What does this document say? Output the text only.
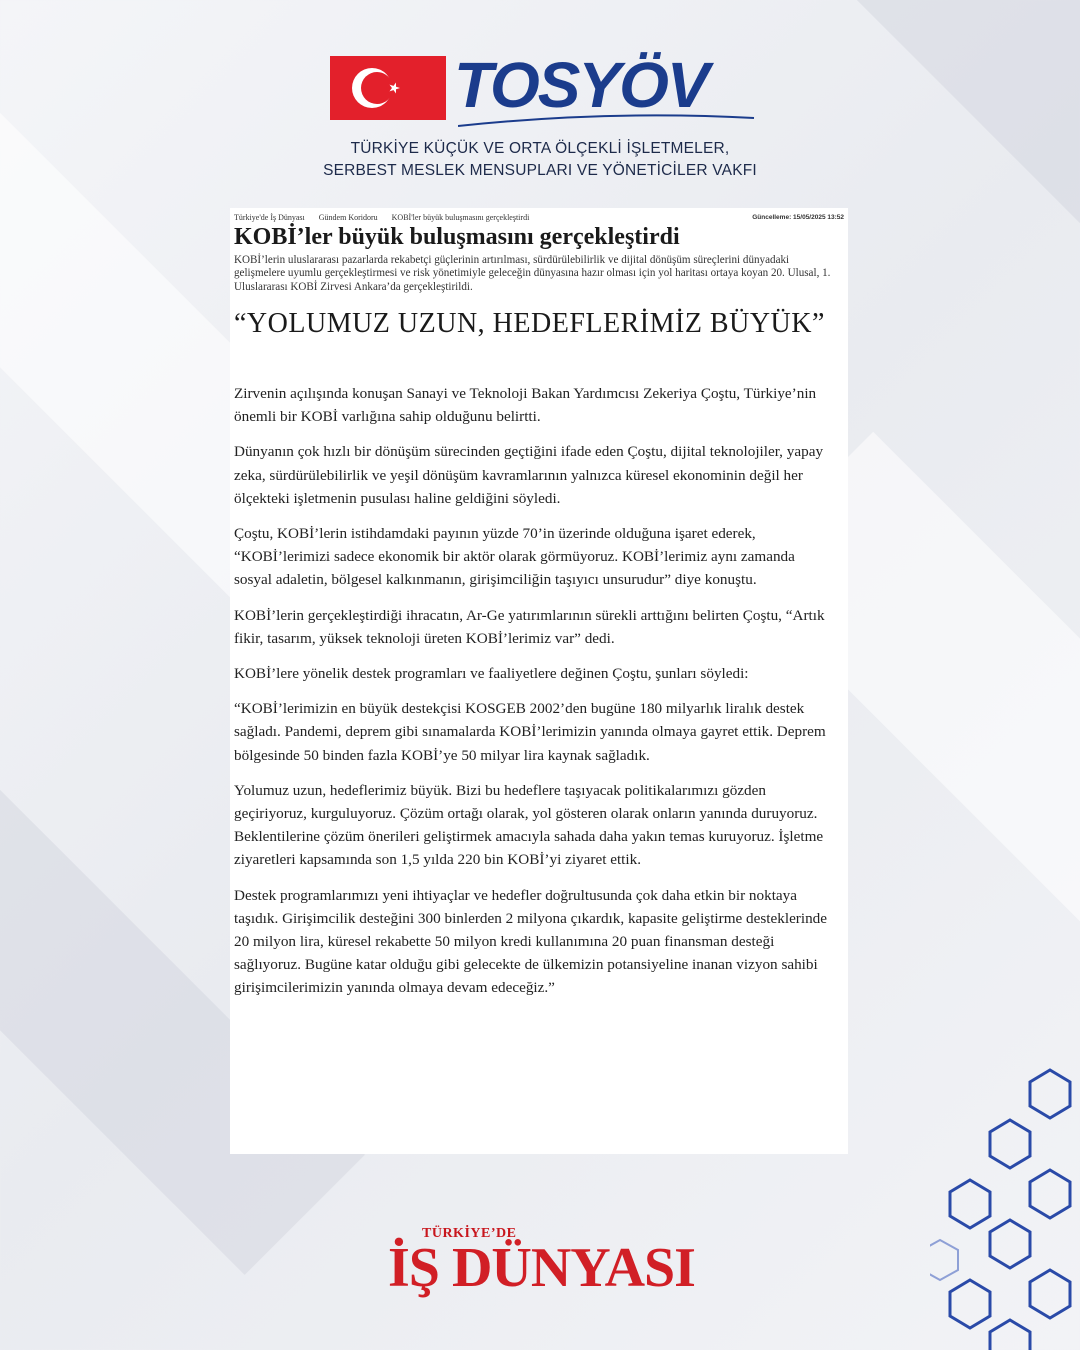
TOSYÖV
TÜRKİYE KÜÇÜK VE ORTA ÖLÇEKLİ İŞLETMELER,
SERBEST MESLEK MENSUPLARI VE YÖNETİCİLER VAKFI
Türkiye'de İş Dünyası Gündem Koridoru KOBİ'ler büyük buluşmasını gerçekleştirdi	Güncelleme: 15/05/2025 13:52
KOBİ’ler büyük buluşmasını gerçekleştirdi

KOBİ’lerin uluslararası pazarlarda rekabetçi güçlerinin artırılması, sürdürülebilirlik ve dijital dönüşüm süreçlerini dünyadaki gelişmelere uyumlu gerçekleştirmesi ve risk yönetimiyle geleceğin dünyasına hazır olması için yol haritası ortaya koyan 20. Ulusal, 1. Uluslararası KOBİ Zirvesi Ankara’da gerçekleştirildi.

“YOLUMUZ UZUN, HEDEFLERİMİZ BÜYÜK”

Zirvenin açılışında konuşan Sanayi ve Teknoloji Bakan Yardımcısı Zekeriya Çoştu, Türkiye’nin önemli bir KOBİ varlığına sahip olduğunu belirtti.

Dünyanın çok hızlı bir dönüşüm sürecinden geçtiğini ifade eden Çoştu, dijital teknolojiler, yapay zeka, sürdürülebilirlik ve yeşil dönüşüm kavramlarının yalnızca küresel ekonominin değil her ölçekteki işletmenin pusulası haline geldiğini söyledi.

Çoştu, KOBİ’lerin istihdamdaki payının yüzde 70’in üzerinde olduğuna işaret ederek, “KOBİ’lerimizi sadece ekonomik bir aktör olarak görmüyoruz. KOBİ’lerimiz aynı zamanda sosyal adaletin, bölgesel kalkınmanın, girişimciliğin taşıyıcı unsurudur” diye konuştu.

KOBİ’lerin gerçekleştirdiği ihracatın, Ar-Ge yatırımlarının sürekli arttığını belirten Çoştu, “Artık fikir, tasarım, yüksek teknoloji üreten KOBİ’lerimiz var” dedi.

KOBİ’lere yönelik destek programları ve faaliyetlere değinen Çoştu, şunları söyledi:

“KOBİ’lerimizin en büyük destekçisi KOSGEB 2002’den bugüne 180 milyarlık liralık destek sağladı. Pandemi, deprem gibi sınamalarda KOBİ’lerimizin yanında olmaya gayret ettik. Deprem bölgesinde 50 binden fazla KOBİ’ye 50 milyar lira kaynak sağladık.

Yolumuz uzun, hedeflerimiz büyük. Bizi bu hedeflere taşıyacak politikalarımızı gözden geçiriyoruz, kurguluyoruz. Çözüm ortağı olarak, yol gösteren olarak onların yanında duruyoruz. Beklentilerine çözüm önerileri geliştirmek amacıyla sahada daha yakın temas kuruyoruz. İşletme ziyaretleri kapsamında son 1,5 yılda 220 bin KOBİ’yi ziyaret ettik.

Destek programlarımızı yeni ihtiyaçlar ve hedefler doğrultusunda çok daha etkin bir noktaya taşıdık. Girişimcilik desteğini 300 binlerden 2 milyona çıkardık, kapasite geliştirme desteklerinde 20 milyon lira, küresel rekabette 50 milyon kredi kullanımına 20 puan finansman desteği sağlıyoruz. Bugüne katar olduğu gibi gelecekte de ülkemizin potansiyeline inanan vizyon sahibi girişimcilerimizin yanında olmaya devam edeceğiz.”

TÜRKİYE’DE
İŞ DÜNYASI
